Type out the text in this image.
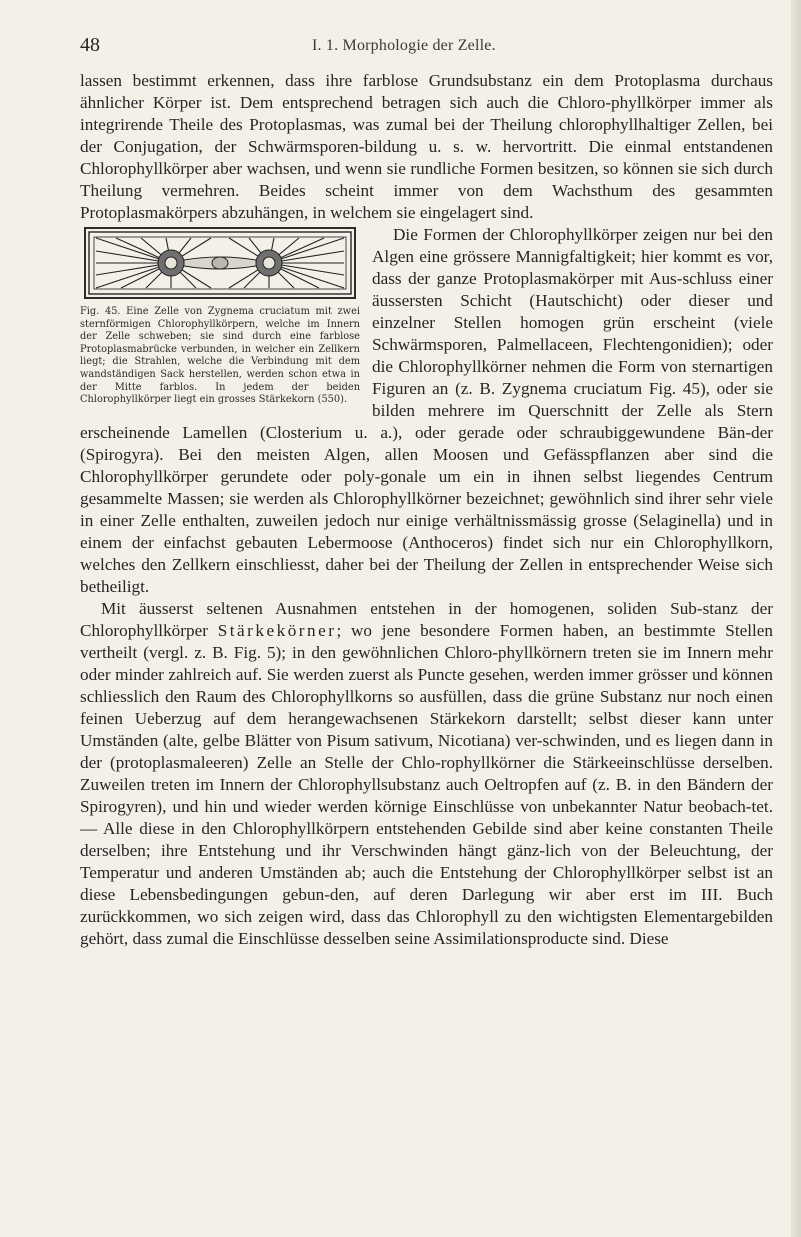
48	I. 1. Morphologie der Zelle.

lassen bestimmt erkennen, dass ihre farblose Grundsubstanz ein dem Protoplasma durchaus ähnlicher Körper ist. Dem entsprechend betragen sich auch die Chloro-phyllkörper immer als integrirende Theile des Protoplasmas, was zumal bei der Theilung chlorophyllhaltiger Zellen, bei der Conjugation, der Schwärmsporen-bildung u. s. w. hervortritt. Die einmal entstandenen Chlorophyllkörper aber wachsen, und wenn sie rundliche Formen besitzen, so können sie sich durch Theilung vermehren. Beides scheint immer von dem Wachsthum des gesammten Protoplasmakörpers abzuhängen, in welchem sie eingelagert sind.

Fig. 45. Eine Zelle von Zygnema cruciatum mit zwei sternförmigen Chlorophyllkörpern, welche im Innern der Zelle schweben; sie sind durch eine farblose Protoplasmabrücke verbunden, in welcher ein Zellkern liegt; die Strahlen, welche die Verbindung mit dem wandständigen Sack herstellen, werden schon etwa in der Mitte farblos. In jedem der beiden Chlorophyllkörper liegt ein grosses Stärkekorn (550).

Die Formen der Chlorophyllkörper zeigen nur bei den Algen eine grössere Mannigfaltigkeit; hier kommt es vor, dass der ganze Protoplasmakörper mit Aus-schluss einer äussersten Schicht (Hautschicht) oder dieser und einzelner Stellen homogen grün erscheint (viele Schwärmsporen, Palmellaceen, Flechtengonidien); oder die Chlorophyllkörner nehmen die Form von sternartigen Figuren an (z. B. Zygnema cruciatum Fig. 45), oder sie bilden mehrere im Querschnitt der Zelle als Stern erscheinende Lamellen (Closterium u. a.), oder gerade oder schraubiggewundene Bän-der (Spirogyra). Bei den meisten Algen, allen Moosen und Gefässpflanzen aber sind die Chlorophyllkörper gerundete oder poly-gonale um ein in ihnen selbst liegendes Centrum gesammelte Massen; sie werden als Chlorophyllkörner bezeichnet; gewöhnlich sind ihrer sehr viele in einer Zelle enthalten, zuweilen jedoch nur einige verhältnissmässig grosse (Selaginella) und in einem der einfachst gebauten Lebermoose (Anthoceros) findet sich nur ein Chlorophyllkorn, welches den Zellkern einschliesst, daher bei der Theilung der Zellen in entsprechender Weise sich betheiligt.

Mit äusserst seltenen Ausnahmen entstehen in der homogenen, soliden Sub-stanz der Chlorophyllkörper Stärkekörner; wo jene besondere Formen haben, an bestimmte Stellen vertheilt (vergl. z. B. Fig. 5); in den gewöhnlichen Chloro-phyllkörnern treten sie im Innern mehr oder minder zahlreich auf. Sie werden zuerst als Puncte gesehen, werden immer grösser und können schliesslich den Raum des Chlorophyllkorns so ausfüllen, dass die grüne Substanz nur noch einen feinen Ueberzug auf dem herangewachsenen Stärkekorn darstellt; selbst dieser kann unter Umständen (alte, gelbe Blätter von Pisum sativum, Nicotiana) ver-schwinden, und es liegen dann in der (protoplasmaleeren) Zelle an Stelle der Chlo-rophyllkörner die Stärkeeinschlüsse derselben. Zuweilen treten im Innern der Chlorophyllsubstanz auch Oeltropfen auf (z. B. in den Bändern der Spirogyren), und hin und wieder werden körnige Einschlüsse von unbekannter Natur beobach-tet. — Alle diese in den Chlorophyllkörpern entstehenden Gebilde sind aber keine constanten Theile derselben; ihre Entstehung und ihr Verschwinden hängt gänz-lich von der Beleuchtung, der Temperatur und anderen Umständen ab; auch die Entstehung der Chlorophyllkörper selbst ist an diese Lebensbedingungen gebun-den, auf deren Darlegung wir aber erst im III. Buch zurückkommen, wo sich zeigen wird, dass das Chlorophyll zu den wichtigsten Elementargebilden gehört, dass zumal die Einschlüsse desselben seine Assimilationsproducte sind. Diese
